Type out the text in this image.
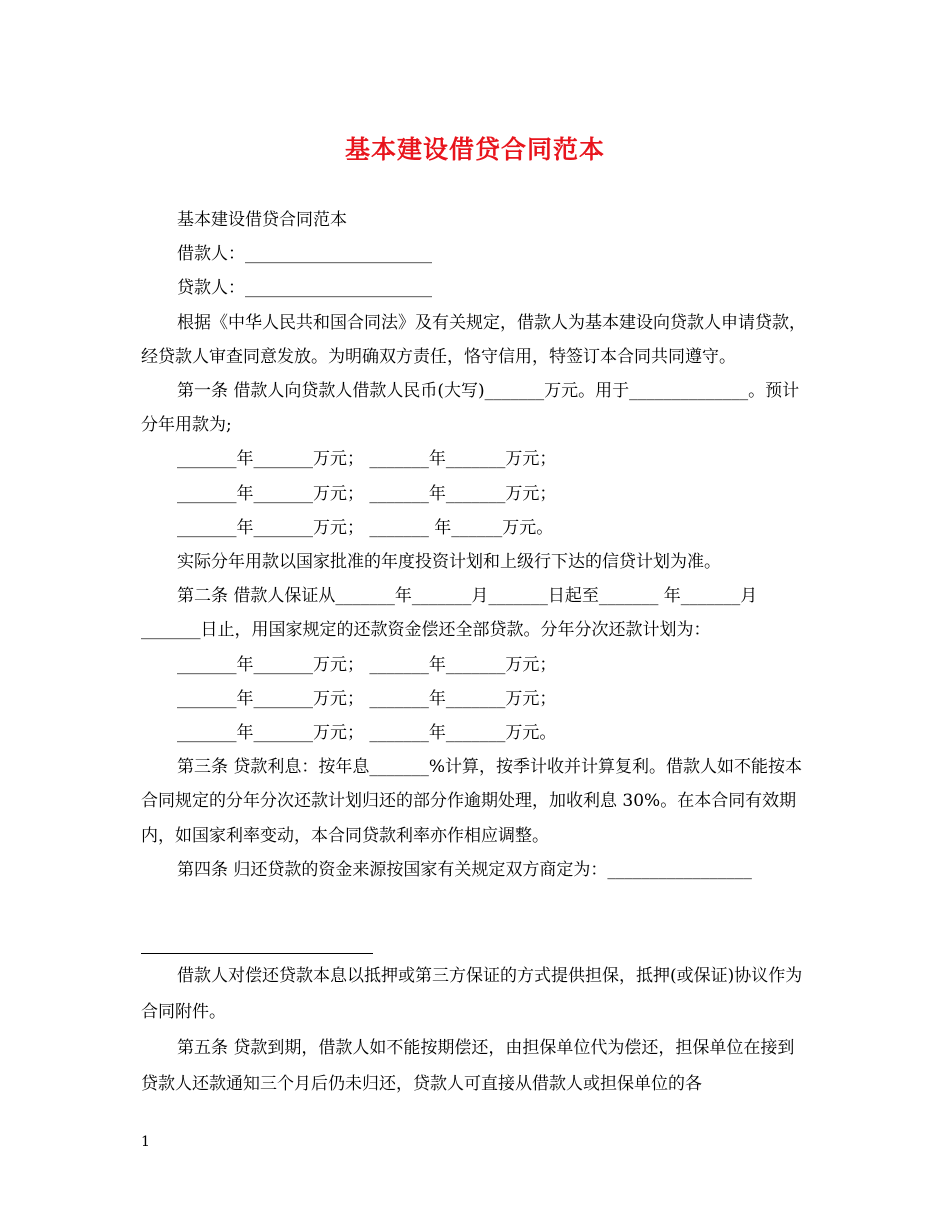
基本建设借贷合同范本

基本建设借贷合同范本

借款人：______________________

贷款人：______________________

根据《中华人民共和国合同法》及有关规定，借款人为基本建设向贷款人申请贷款，经贷款人审查同意发放。为明确双方责任，恪守信用，特签订本合同共同遵守。

第一条 借款人向贷款人借款人民币(大写)_______万元。用于______________。预计分年用款为;

_______年_______万元； _______年_______万元；

_______年_______万元； _______年_______万元；

_______年_______万元； _______ 年______万元。

实际分年用款以国家批准的年度投资计划和上级行下达的信贷计划为准。

第二条 借款人保证从_______年_______月_______日起至_______ 年_______月_______日止，用国家规定的还款资金偿还全部贷款。分年分次还款计划为：

_______年_______万元； _______年_______万元；

_______年_______万元； _______年_______万元；

_______年_______万元； _______年_______万元。

第三条 贷款利息：按年息_______%计算，按季计收并计算复利。借款人如不能按本合同规定的分年分次还款计划归还的部分作逾期处理，加收利息 30%。在本合同有效期内，如国家利率变动，本合同贷款利率亦作相应调整。

第四条 归还贷款的资金来源按国家有关规定双方商定为：_________________

借款人对偿还贷款本息以抵押或第三方保证的方式提供担保，抵押(或保证)协议作为合同附件。

第五条 贷款到期，借款人如不能按期偿还，由担保单位代为偿还，担保单位在接到贷款人还款通知三个月后仍未归还，贷款人可直接从借款人或担保单位的各

1
